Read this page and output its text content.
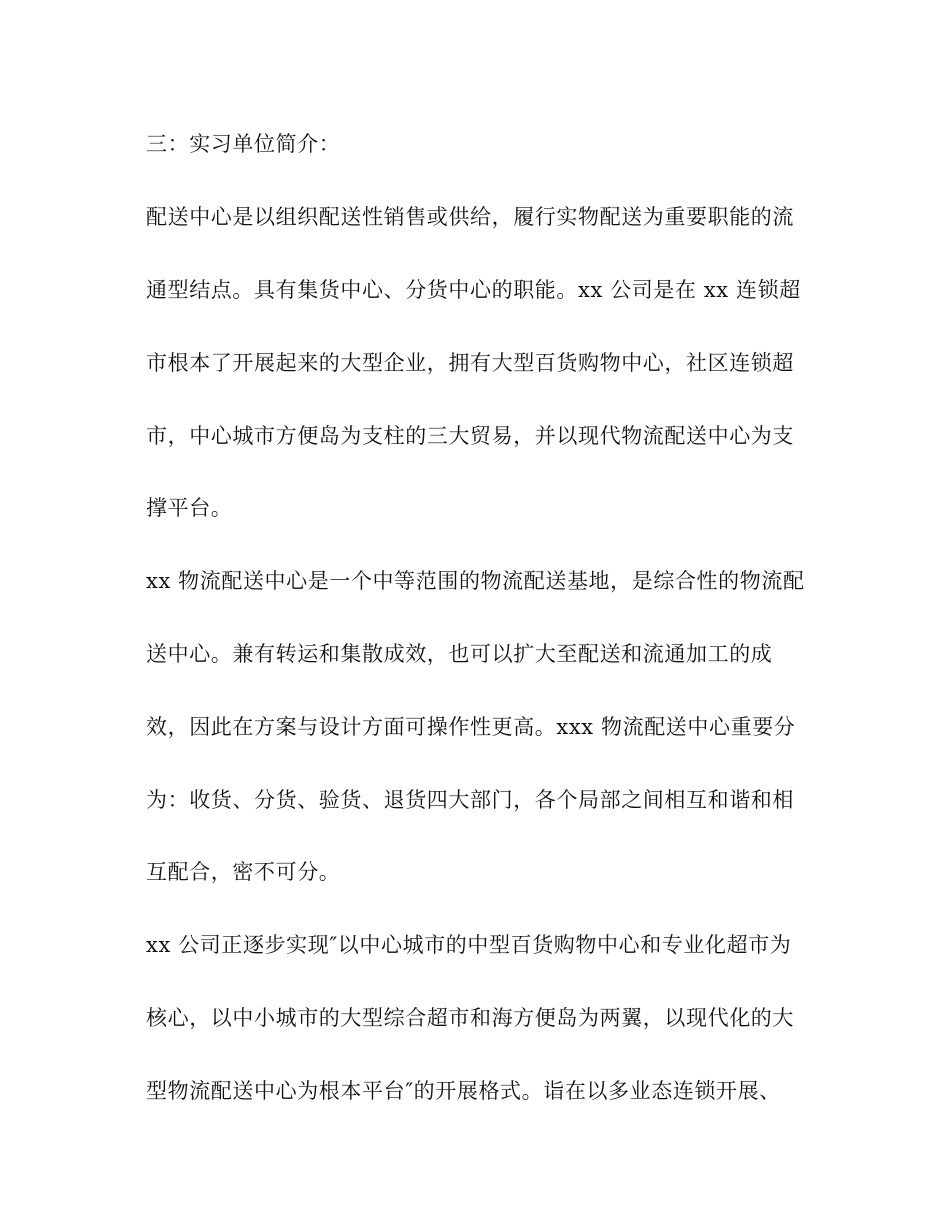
三：实习单位简介：
配送中心是以组织配送性销售或供给，履行实物配送为重要职能的流
通型结点。具有集货中心、分货中心的职能。xx 公司是在 xx 连锁超
市根本了开展起来的大型企业，拥有大型百货购物中心，社区连锁超
市，中心城市方便岛为支柱的三大贸易，并以现代物流配送中心为支
撑平台。
xx 物流配送中心是一个中等范围的物流配送基地，是综合性的物流配
送中心。兼有转运和集散成效，也可以扩大至配送和流通加工的成
效，因此在方案与设计方面可操作性更高。xxx 物流配送中心重要分
为：收货、分货、验货、退货四大部门，各个局部之间相互和谐和相
互配合，密不可分。
xx 公司正逐步实现″以中心城市的中型百货购物中心和专业化超市为
核心，以中小城市的大型综合超市和海方便岛为两翼，以现代化的大
型物流配送中心为根本平台″的开展格式。诣在以多业态连锁开展、
